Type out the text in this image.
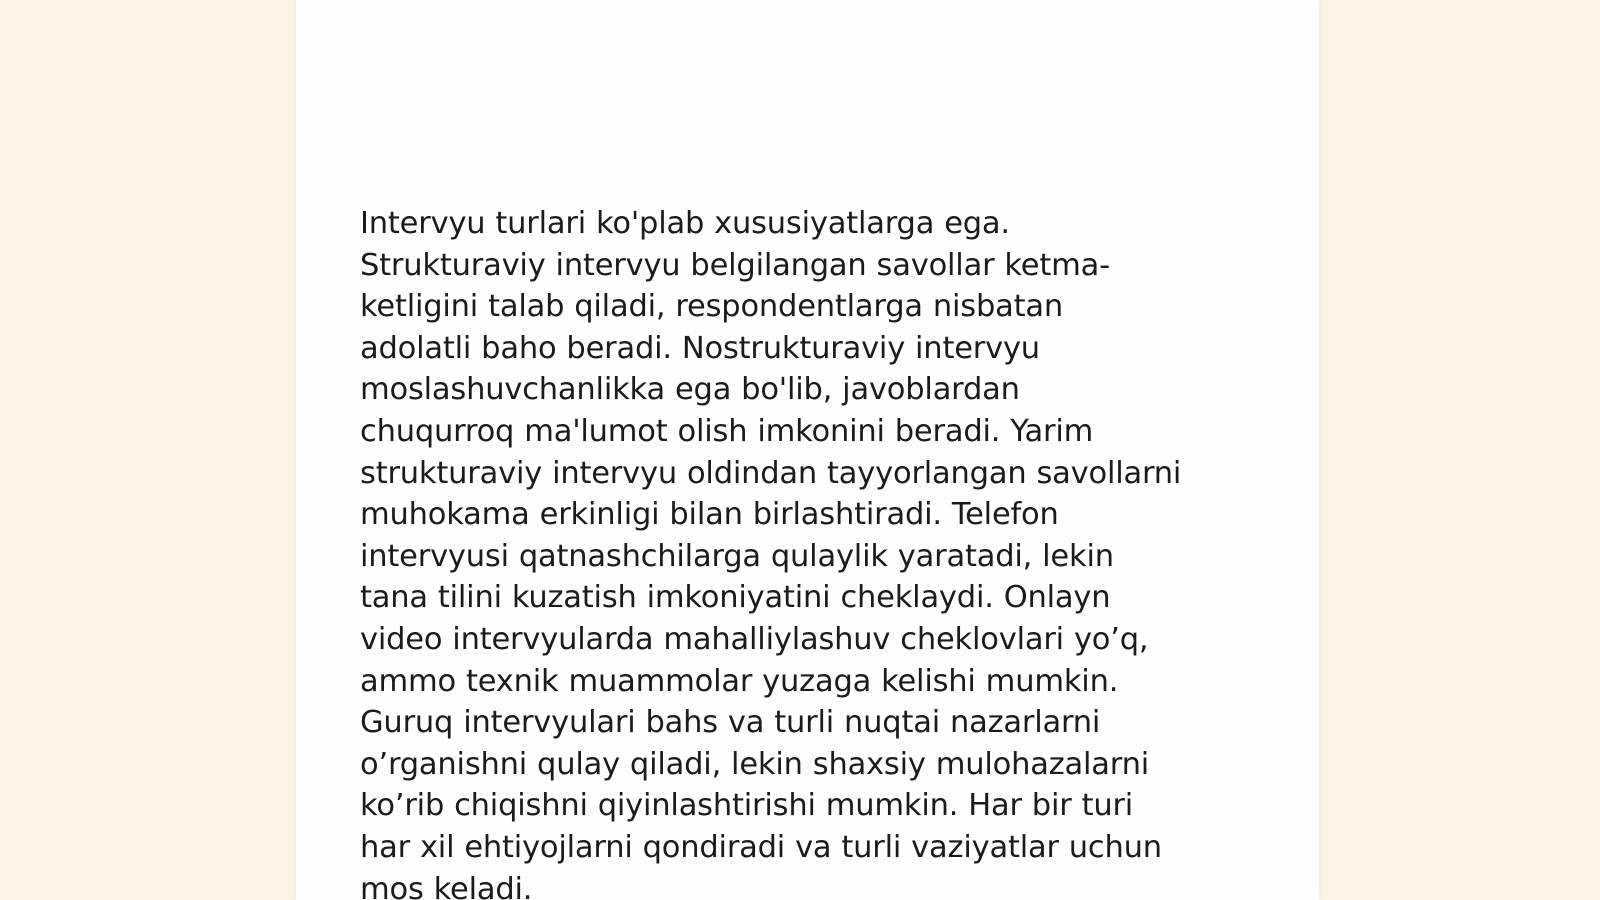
Intervyu turlari ko'plab xususiyatlarga ega.
Strukturaviy intervyu belgilangan savollar ketma-
ketligini talab qiladi, respondentlarga nisbatan
adolatli baho beradi. Nostrukturaviy intervyu
moslashuvchanlikka ega bo'lib, javoblardan
chuqurroq ma'lumot olish imkonini beradi. Yarim
strukturaviy intervyu oldindan tayyorlangan savollarni
muhokama erkinligi bilan birlashtiradi. Telefon
intervyusi qatnashchilarga qulaylik yaratadi, lekin
tana tilini kuzatish imkoniyatini cheklaydi. Onlayn
video intervyularda mahalliylashuv cheklovlari yo’q,
ammo texnik muammolar yuzaga kelishi mumkin.
Guruq intervyulari bahs va turli nuqtai nazarlarni
o’rganishni qulay qiladi, lekin shaxsiy mulohazalarni
ko’rib chiqishni qiyinlashtirishi mumkin. Har bir turi
har xil ehtiyojlarni qondiradi va turli vaziyatlar uchun
mos keladi.
